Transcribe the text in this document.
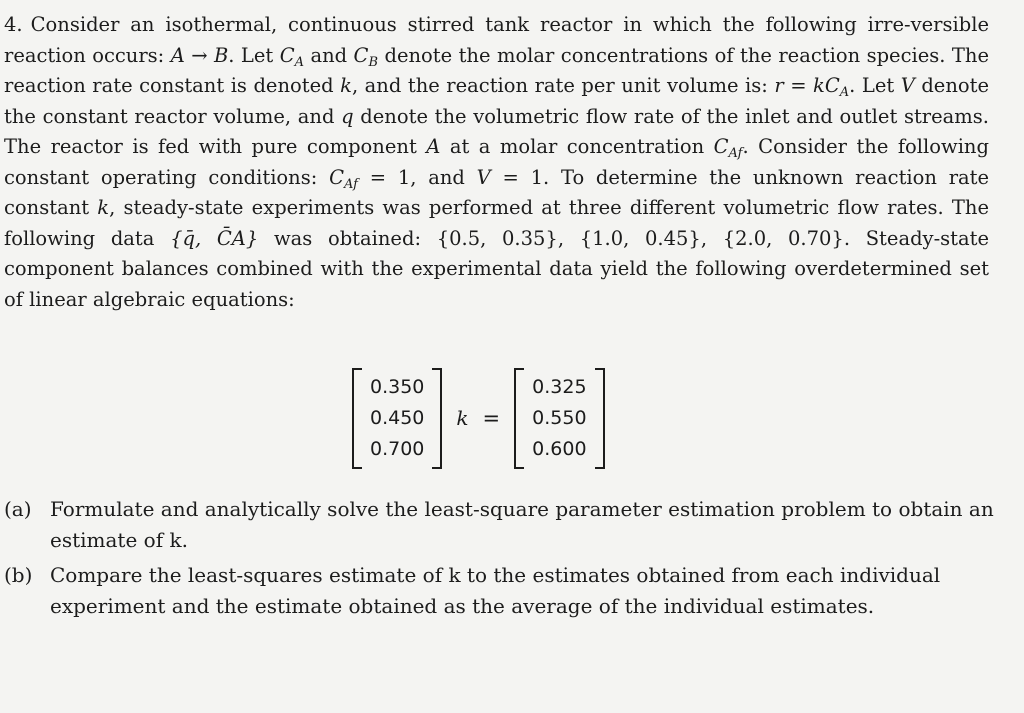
4. Consider an isothermal, continuous stirred tank reactor in which the following irre-versible reaction occurs: A → B. Let $C_A$ and $C_B$ denote the molar concentrations of the reaction species. The reaction rate constant is denoted k, and the reaction rate per unit volume is: $r = kC_A$. Let V denote the constant reactor volume, and q denote the volumetric flow rate of the inlet and outlet streams. The reactor is fed with pure component A at a molar concentration $C_{Af}$. Consider the following constant operating conditions: $C_{Af} = 1$, and V = 1. To determine the unknown reaction rate constant k, steady-state experiments was performed at three different volumetric flow rates. The following data {q̄, C̄A} was obtained: {0.5, 0.35}, {1.0, 0.45}, {2.0, 0.70}. Steady-state component balances combined with the experimental data yield the following overdetermined set of linear algebraic equations:

0.350
0.450
0.700
k =
0.325
0.550
0.600
(a) Formulate and analytically solve the least-square parameter estimation problem to obtain an estimate of k.
(b) Compare the least-squares estimate of k to the estimates obtained from each individual experiment and the estimate obtained as the average of the individual estimates.
